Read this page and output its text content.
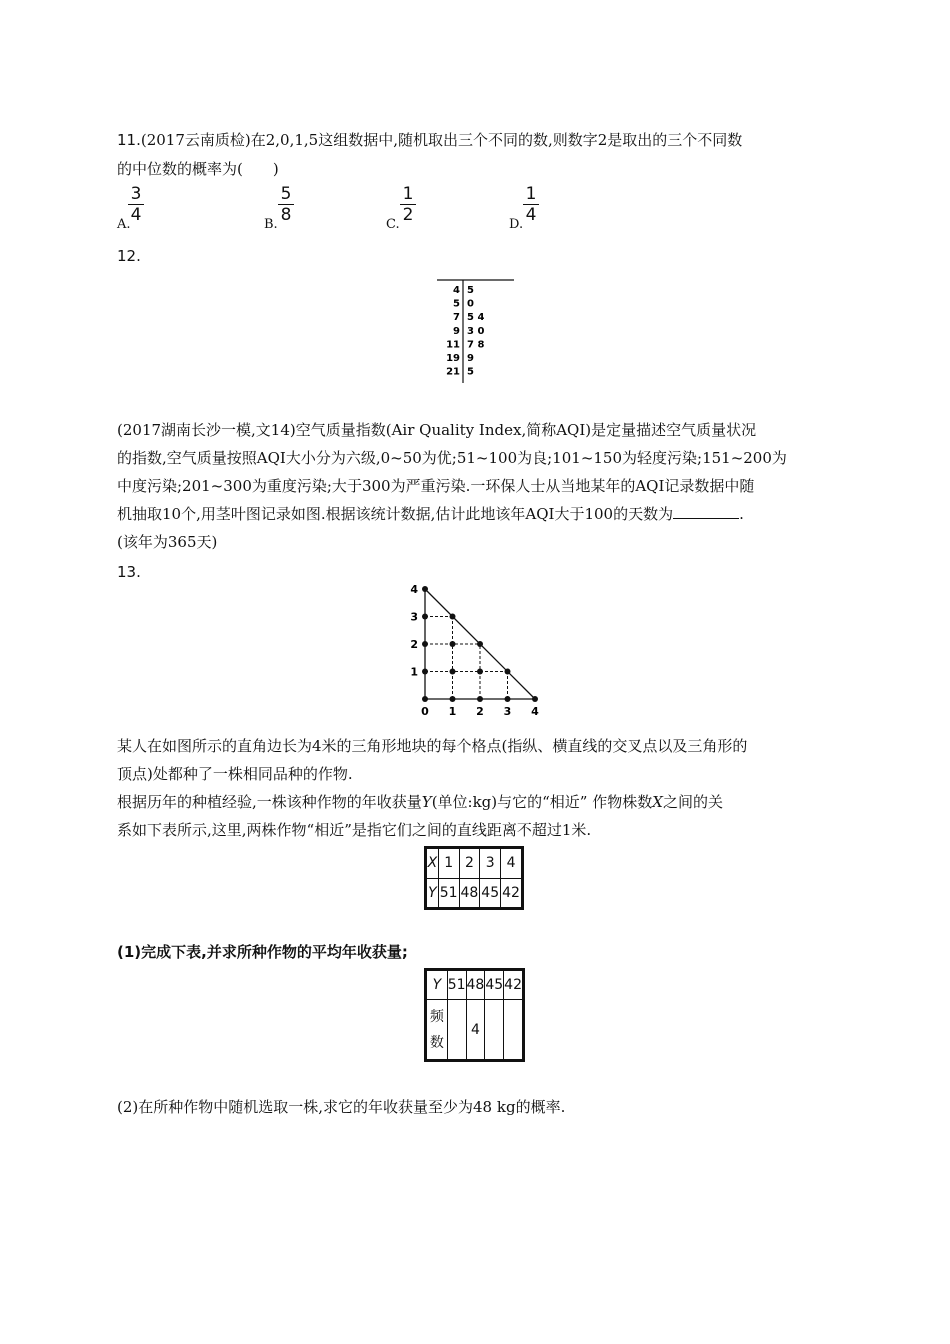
11.(2017云南质检)在2,0,1,5这组数据中,随机取出三个不同的数,则数字2是取出的三个不同数
的中位数的概率为(　　)
3
4
A.
5
8
B.
1
2
C.
1
4
D.
12.
4 5
5 0
7 5 4
9 3 0
11 7 8
19 9
21 5
(2017湖南长沙一模,文14)空气质量指数(Air Quality Index,简称AQI)是定量描述空气质量状况
的指数,空气质量按照AQI大小分为六级,0~50为优;51~100为良;101~150为轻度污染;151~200为
中度污染;201~300为重度污染;大于300为严重污染.一环保人士从当地某年的AQI记录数据中随
机抽取10个,用茎叶图记录如图.根据该统计数据,估计此地该年AQI大于100的天数为	.
(该年为365天)
13.
0 1 2 3 4
1
2
3
4
某人在如图所示的直角边长为4米的三角形地块的每个格点(指纵、横直线的交叉点以及三角形的
顶点)处都种了一株相同品种的作物.
根据历年的种植经验,一株该种作物的年收获量Y(单位:kg)与它的“相近” 作物株数X之间的关
系如下表所示,这里,两株作物“相近”是指它们之间的直线距离不超过1米.
X	1	2	3	4
Y	51	48	45	42
(1)完成下表,并求所种作物的平均年收获量;
Y	51	48	45	42
频
数		4		
(2)在所种作物中随机选取一株,求它的年收获量至少为48 kg的概率.
